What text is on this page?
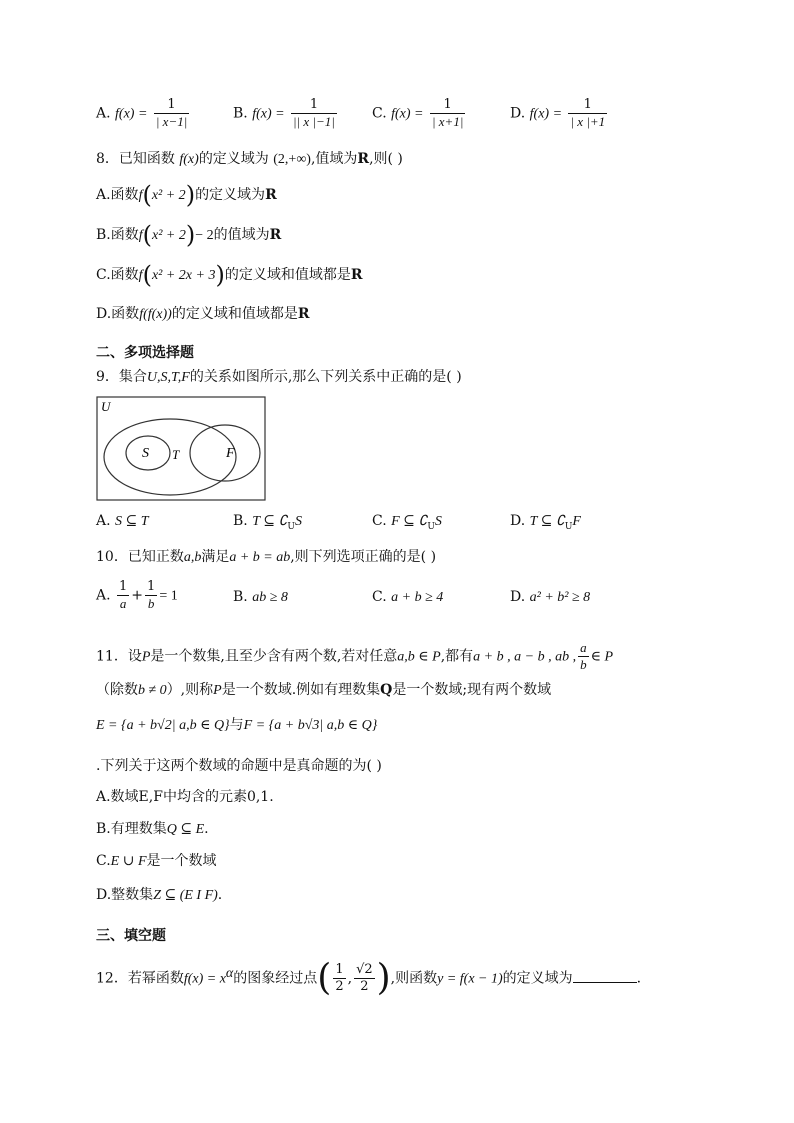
A. $f(x) = \frac{1}{| x-1|}$	B. $f(x) = \frac{1}{|| x |-1|}$	C. $f(x) = \frac{1}{| x+1|}$	D. $f(x) = \frac{1}{| x |+1}$
8．已知函数 f(x)的定义域为 (2,+∞),值域为R,则( )
A.函数f(x² + 2)的定义域为R
B.函数f(x² + 2)− 2的值域为R
C.函数f(x² + 2x + 3)的定义域和值域都是R
D.函数f(f(x))的定义域和值域都是R
二、多项选择题
9．集合U,S,T,F的关系如图所示,那么下列关系中正确的是( )
U
S T	F
A. S ⊆ T	B. T ⊆ $∁_US$	C. F ⊆ $∁_US$	D. T ⊆ $∁_UF$
10．已知正数a,b满足a + b = ab,则下列选项正确的是( )
A. $\frac{1}{a} + \frac{1}{b} = 1$	B. ab ≥ 8	C. a + b ≥ 4	D. a² + b² ≥ 8
11．设P是一个数集,且至少含有两个数,若对任意a,b ∈ P,都有a + b , a − b , ab , $\frac{a}{b}$ ∈ P
（除数b ≠ 0）,则称P是一个数域.例如有理数集Q是一个数域;现有两个数域
E = {a + b√2| a,b ∈ Q}与F = {a + b√3| a,b ∈ Q}
.下列关于这两个数域的命题中是真命题的为( )
A.数域E,F中均含的元素0,1.
B.有理数集Q ⊆ E.
C.E ∪ F是一个数域
D.整数集Z ⊆ (E Ι F).
三、填空题
12．若幂函数$f(x) = x^\alpha$的图象经过点( $\frac{1}{2}$ , $\frac{√2}{2}$ ),则函数y = f(x − 1)的定义域为	.
